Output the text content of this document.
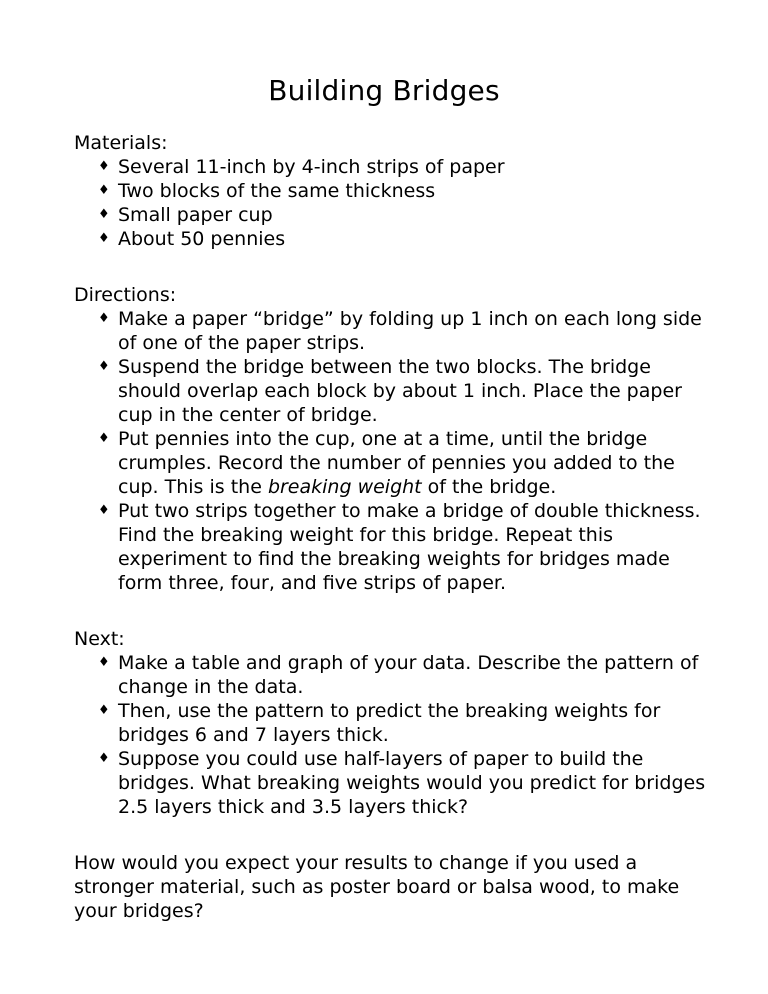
Building Bridges

Materials:

♦ Several 11-inch by 4-inch strips of paper
♦ Two blocks of the same thickness
♦ Small paper cup
♦ About 50 pennies

Directions:

♦ Make a paper “bridge” by folding up 1 inch on each long side of one of the paper strips.
♦ Suspend the bridge between the two blocks. The bridge should overlap each block by about 1 inch. Place the paper cup in the center of bridge.
♦ Put pennies into the cup, one at a time, until the bridge crumples. Record the number of pennies you added to the cup. This is the breaking weight of the bridge.
♦ Put two strips together to make a bridge of double thickness. Find the breaking weight for this bridge. Repeat this experiment to find the breaking weights for bridges made form three, four, and five strips of paper.

Next:

♦ Make a table and graph of your data. Describe the pattern of change in the data.
♦ Then, use the pattern to predict the breaking weights for bridges 6 and 7 layers thick.
♦ Suppose you could use half-layers of paper to build the bridges. What breaking weights would you predict for bridges 2.5 layers thick and 3.5 layers thick?

How would you expect your results to change if you used a stronger material, such as poster board or balsa wood, to make your bridges?
